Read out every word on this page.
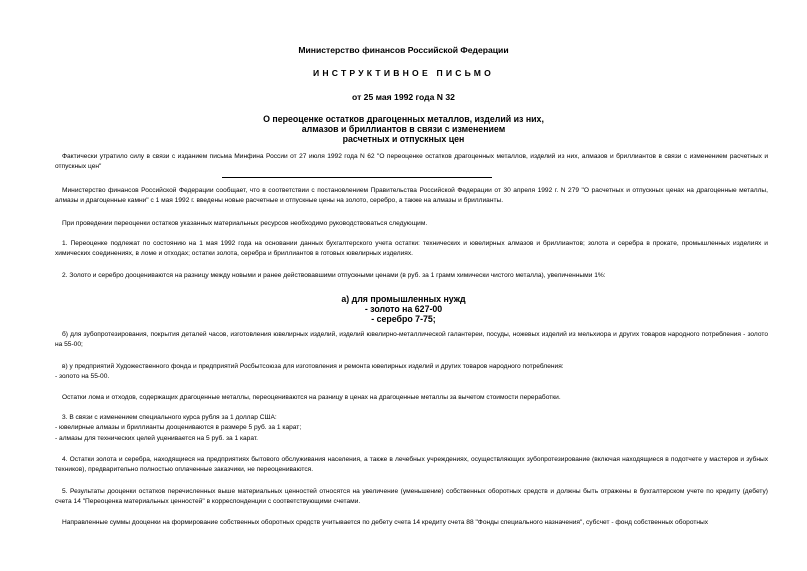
Министерство финансов Российской Федерации

ИНСТРУКТИВНОЕ ПИСЬМО

от 25 мая 1992 года N 32

О переоценке остатков драгоценных металлов, изделий из них,
алмазов и бриллиантов в связи с изменением
расчетных и отпускных цен

Фактически утратило силу в связи с изданием письма Минфина России от 27 июля 1992 года N 62 "О переоценке остатков драгоценных металлов, изделий из них, алмазов и бриллиантов в связи с изменением расчетных и отпускных цен"

Министерство финансов Российской Федерации сообщает, что в соответствии с постановлением Правительства Российской Федерации от 30 апреля 1992 г. N 279 "О расчетных и отпускных ценах на драгоценные металлы, алмазы и драгоценные камни" с 1 мая 1992 г. введены новые расчетные и отпускные цены на золото, серебро, а также на алмазы и бриллианты.

При проведении переоценки остатков указанных материальных ресурсов необходимо руководствоваться следующим.

1. Переоценке подлежат по состоянию на 1 мая 1992 года на основании данных бухгалтерского учета остатки: технических и ювелирных алмазов и бриллиантов; золота и серебра в прокате, промышленных изделиях и химических соединениях, в ломе и отходах; остатки золота, серебра и бриллиантов в готовых ювелирных изделиях.

2. Золото и серебро дооцениваются на разницу между новыми и ранее действовавшими отпускными ценами (в руб. за 1 грамм химически чистого металла), увеличенными 1%:

а) для промышленных нужд
- золото на 627-00
- серебро 7-75;

б) для зубопротезирования, покрытия деталей часов, изготовления ювелирных изделий, изделий ювелирно-металлической галантереи, посуды, ножевых изделий из мельхиора и других товаров народного потребления - золото на 55-00;

в) у предприятий Художественного фонда и предприятий Росбытсоюза для изготовления и ремонта ювелирных изделий и других товаров народного потребления:
- золото на 55-00.

Остатки лома и отходов, содержащих драгоценные металлы, переоцениваются на разницу в ценах на драгоценные металлы за вычетом стоимости переработки.

3. В связи с изменением специального курса рубля за 1 доллар США:
- ювелирные алмазы и бриллианты дооцениваются в размере 5 руб. за 1 карат;
- алмазы для технических целей уценивается на 5 руб. за 1 карат.

4. Остатки золота и серебра, находящиеся на предприятиях бытового обслуживания населения, а также в лечебных учреждениях, осуществляющих зубопротезирование (включая находящиеся в подотчете у мастеров и зубных техников), предварительно полностью оплаченные заказчики, не переоцениваются.

5. Результаты дооценки остатков перечисленных выше материальных ценностей относятся на увеличение (уменьшение) собственных оборотных средств и должны быть отражены в бухгалтерском учете по кредиту (дебету) счета 14 "Переоценка материальных ценностей" в корреспонденции с соответствующими счетами.

Направленные суммы дооценки на формирование собственных оборотных средств учитывается по дебету счета 14 кредиту счета 88 "Фонды специального назначения", субсчет - фонд собственных оборотных
